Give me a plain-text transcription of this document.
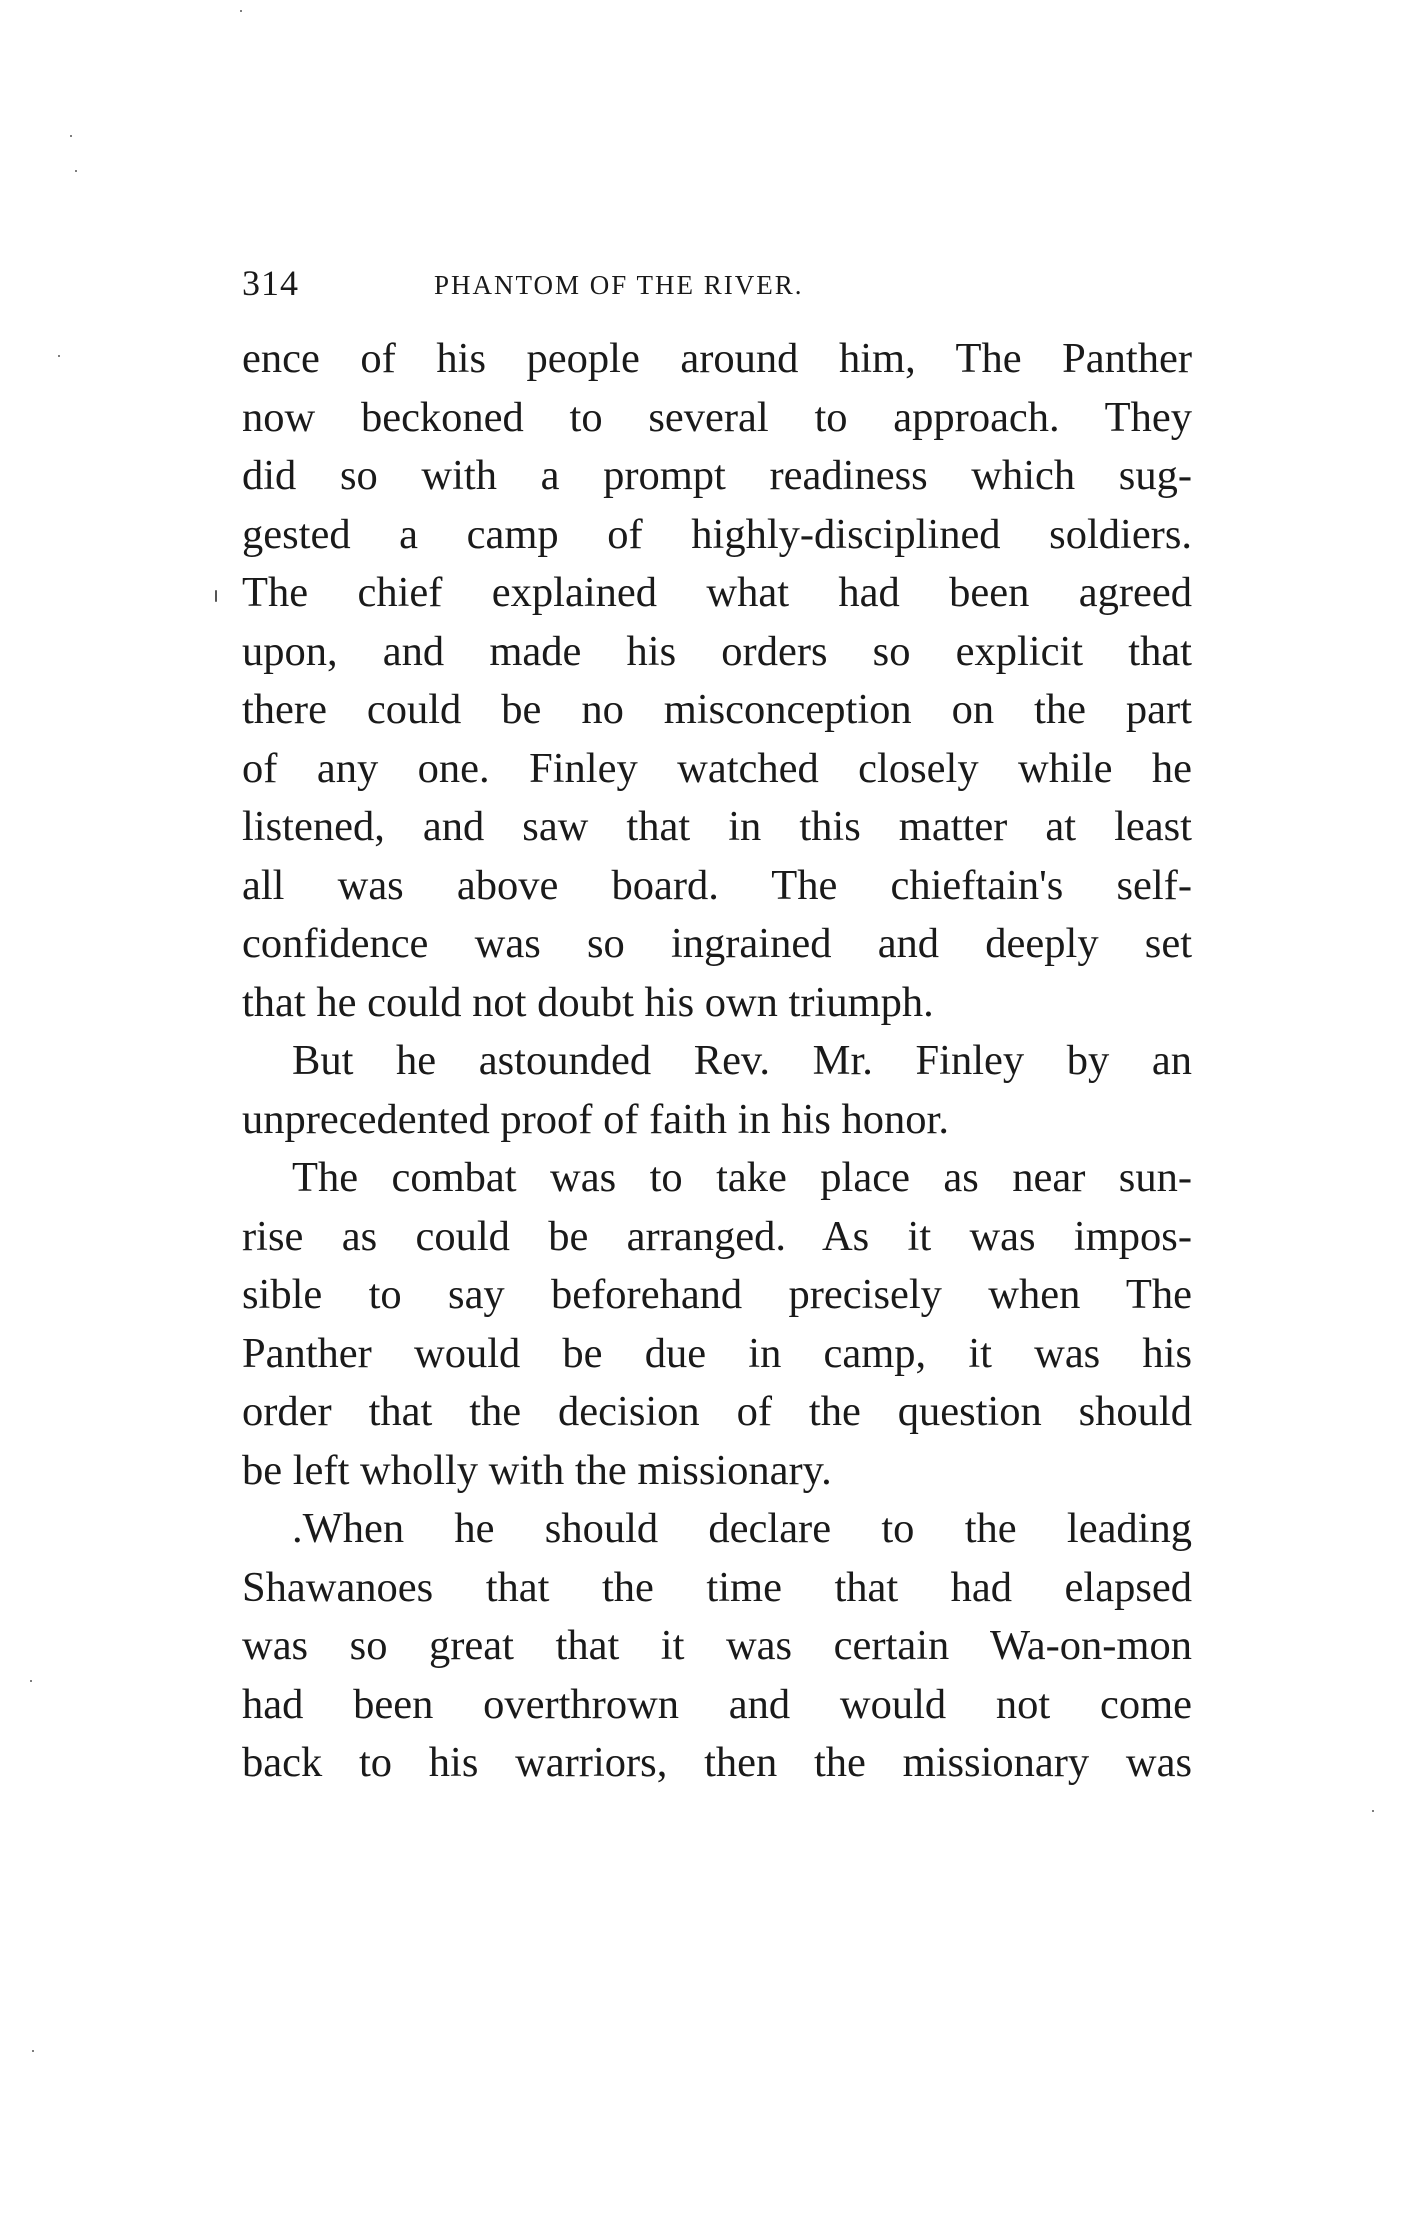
314	PHANTOM OF THE RIVER.
ence of his people around him, The Panther
now beckoned to several to approach. They
did so with a prompt readiness which sug-
gested a camp of highly-disciplined soldiers.
The chief explained what had been agreed
upon, and made his orders so explicit that
there could be no misconception on the part
of any one. Finley watched closely while he
listened, and saw that in this matter at least
all was above board. The chieftain's self-
confidence was so ingrained and deeply set
that he could not doubt his own triumph.
But he astounded Rev. Mr. Finley by an
unprecedented proof of faith in his honor.
The combat was to take place as near sun-
rise as could be arranged. As it was impos-
sible to say beforehand precisely when The
Panther would be due in camp, it was his
order that the decision of the question should
be left wholly with the missionary.
.When he should declare to the leading
Shawanoes that the time that had elapsed
was so great that it was certain Wa-on-mon
had been overthrown and would not come
back to his warriors, then the missionary was
